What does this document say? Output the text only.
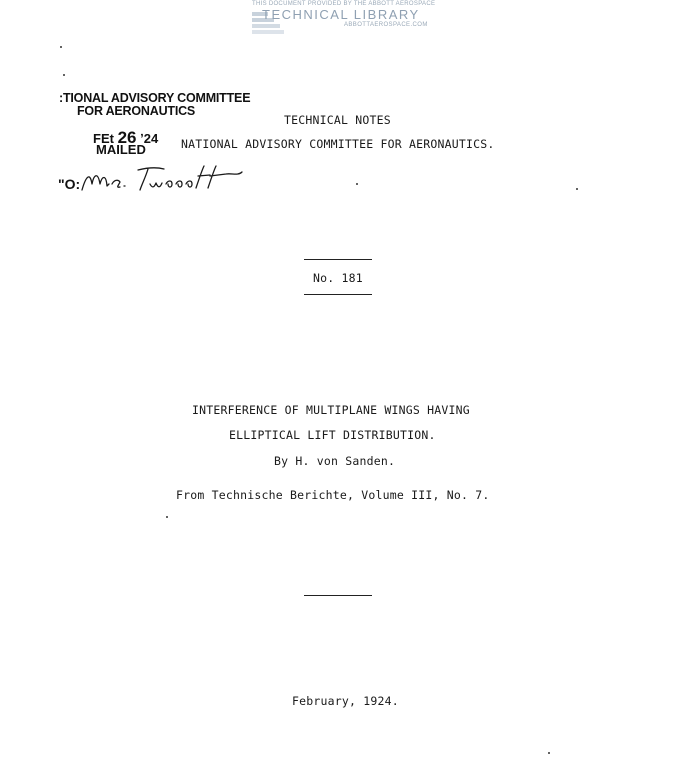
THIS DOCUMENT PROVIDED BY THE ABBOTT AEROSPACE
TECHNICAL LIBRARY
ABBOTTAEROSPACE.COM
:TIONAL ADVISORY COMMITTEE
FOR AERONAUTICS
FEt 26 ʼ24
MAILED
"O:
TECHNICAL NOTES
NATIONAL ADVISORY COMMITTEE FOR AERONAUTICS.
No. 181
INTERFERENCE OF MULTIPLANE WINGS HAVING
ELLIPTICAL LIFT DISTRIBUTION.
By H. von Sanden.
From Technische Berichte, Volume III, No. 7.
February, 1924.
